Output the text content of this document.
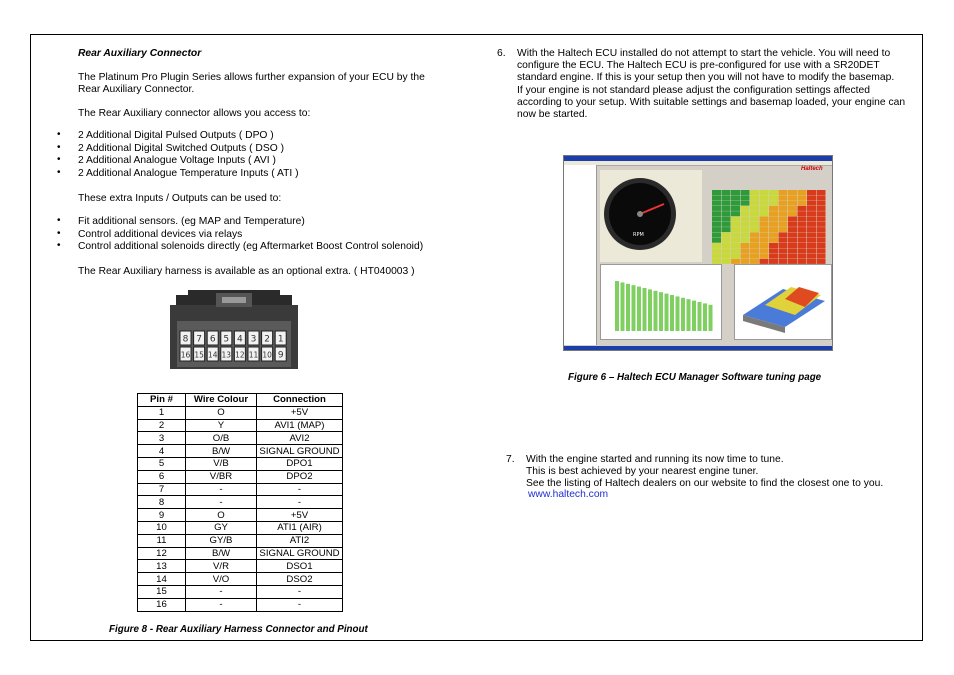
Rear Auxiliary Connector
The Platinum Pro Plugin Series allows further expansion of your ECU by the
Rear Auxiliary Connector.
The Rear Auxiliary connector allows you access to:
• 2 Additional Digital Pulsed Outputs ( DPO )
• 2 Additional Digital Switched Outputs ( DSO )
• 2 Additional Analogue Voltage Inputs ( AVI )
• 2 Additional Analogue Temperature Inputs ( ATI )
These extra Inputs / Outputs can be used to:
• Fit additional sensors. (eg MAP and Temperature)
• Control additional devices via relays
• Control additional solenoids directly (eg Aftermarket Boost Control solenoid)
The Rear Auxiliary harness is available as an optional extra. ( HT040003 )
8 7 6 5 4 3 2 1
16 15 14 13 12 11 10 9
Pin #	Wire Colour	Connection
1	O	+5V
2	Y	AVI1 (MAP)
3	O/B	AVI2
4	B/W	SIGNAL GROUND
5	V/B	DPO1
6	V/BR	DPO2
7	-	-
8	-	-
9	O	+5V
10	GY	ATI1 (AIR)
11	GY/B	ATI2
12	B/W	SIGNAL GROUND
13	V/R	DSO1
14	V/O	DSO2
15	-	-
16	-	-
Figure 8 - Rear Auxiliary Harness Connector and Pinout
6. With the Haltech ECU installed do not attempt to start the vehicle. You will need to
configure the ECU. The Haltech ECU is pre-configured for use with a SR20DET
standard engine. If this is your setup then you will not have to modify the basemap.
If your engine is not standard please adjust the configuration settings affected
according to your setup. With suitable settings and basemap loaded, your engine can
now be started.
RPM
Haltech
Figure 6 – Haltech ECU Manager Software tuning page
7. With the engine started and running its now time to tune.
This is best achieved by your nearest engine tuner.
See the listing of Haltech dealers on our website to find the closest one to you.
www.haltech.com
